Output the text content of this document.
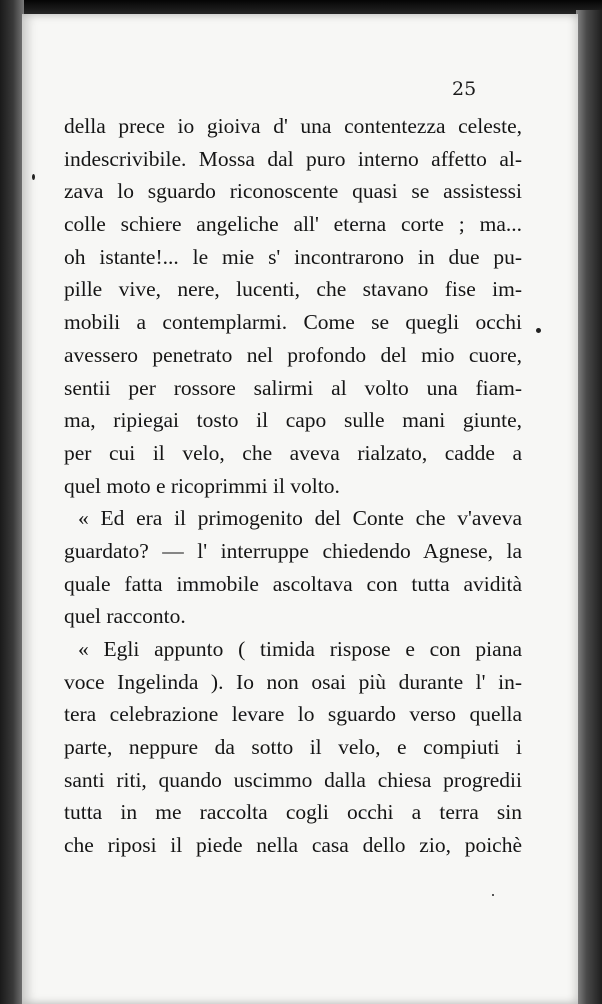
25
della prece io gioiva d' una contentezza celeste,
indescrivibile. Mossa dal puro interno affetto al-
zava lo sguardo riconoscente quasi se assistessi
colle schiere angeliche all' eterna corte ; ma...
oh istante!... le mie s' incontrarono in due pu-
pille vive, nere, lucenti, che stavano fise im-
mobili a contemplarmi. Come se quegli occhi
avessero penetrato nel profondo del mio cuore,
sentii per rossore salirmi al volto una fiam-
ma, ripiegai tosto il capo sulle mani giunte,
per cui il velo, che aveva rialzato, cadde a
quel moto e ricoprimmi il volto.
« Ed era il primogenito del Conte che v'aveva
guardato? — l' interruppe chiedendo Agnese, la
quale fatta immobile ascoltava con tutta avidità
quel racconto.
« Egli appunto ( timida rispose e con piana
voce Ingelinda ). Io non osai più durante l' in-
tera celebrazione levare lo sguardo verso quella
parte, neppure da sotto il velo, e compiuti i
santi riti, quando uscimmo dalla chiesa progredii
tutta in me raccolta cogli occhi a terra sin
che riposi il piede nella casa dello zio, poichè
